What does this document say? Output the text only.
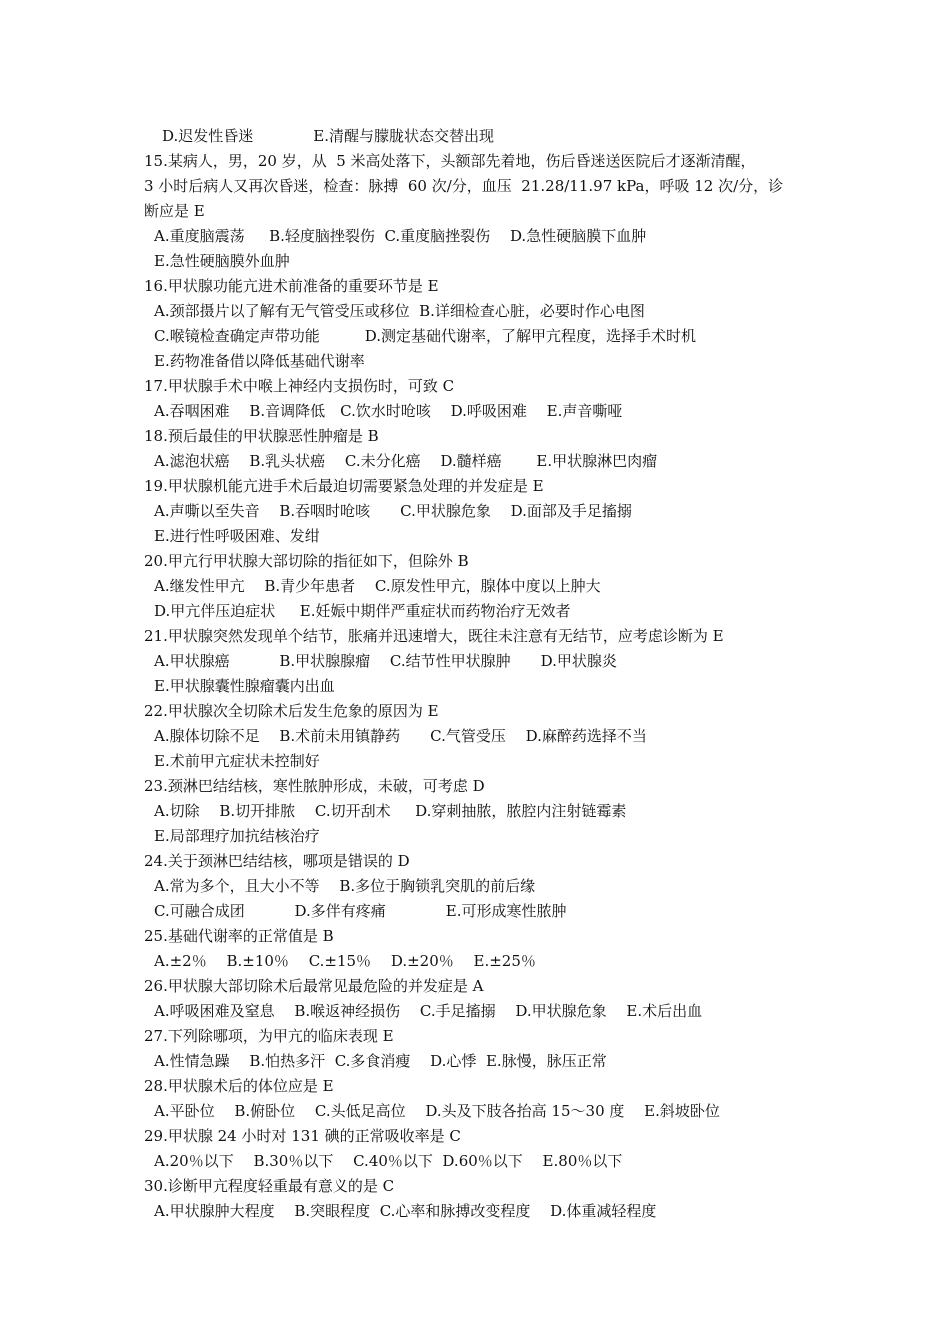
D.迟发性昏迷　　　　E.清醒与朦胧状态交替出现
15.某病人，男，20 岁，从  5 米高处落下，头额部先着地，伤后昏迷送医院后才逐渐清醒，
3 小时后病人又再次昏迷，检查：脉搏  60 次/分，血压  21.28/11.97 kPa，呼吸 12 次/分，诊
断应是 E
A.重度脑震荡　  B.轻度脑挫裂伤  C.重度脑挫裂伤　 D.急性硬脑膜下血肿
E.急性硬脑膜外血肿
16.甲状腺功能亢进术前准备的重要环节是 E
A.颈部摄片以了解有无气管受压或移位  B.详细检查心脏，必要时作心电图
C.喉镜检查确定声带功能　　　D.测定基础代谢率，了解甲亢程度，选择手术时机
E.药物准备借以降低基础代谢率
17.甲状腺手术中喉上神经内支损伤时，可致 C
A.吞咽困难　 B.音调降低　C.饮水时呛咳　 D.呼吸困难　 E.声音嘶哑
18.预后最佳的甲状腺恶性肿瘤是 B
A.滤泡状癌　 B.乳头状癌　 C.未分化癌　 D.髓样癌　　 E.甲状腺淋巴肉瘤
19.甲状腺机能亢进手术后最迫切需要紧急处理的并发症是 E
A.声嘶以至失音　 B.吞咽时呛咳　　C.甲状腺危象　 D.面部及手足搐搦
E.进行性呼吸困难、发绀
20.甲亢行甲状腺大部切除的指征如下，但除外 B
A.继发性甲亢　 B.青少年患者　 C.原发性甲亢，腺体中度以上肿大
D.甲亢伴压迫症状　  E.妊娠中期伴严重症状而药物治疗无效者
21.甲状腺突然发现单个结节，胀痛并迅速增大，既往未注意有无结节，应考虑诊断为 E
A.甲状腺癌　　　 B.甲状腺腺瘤　 C.结节性甲状腺肿　　D.甲状腺炎
E.甲状腺囊性腺瘤囊内出血
22.甲状腺次全切除术后发生危象的原因为 E
A.腺体切除不足　 B.术前未用镇静药　　C.气管受压　 D.麻醉药选择不当
E.术前甲亢症状未控制好
23.颈淋巴结结核，寒性脓肿形成，未破，可考虑 D
A.切除　 B.切开排脓　 C.切开刮术　  D.穿刺抽脓，脓腔内注射链霉素
E.局部理疗加抗结核治疗
24.关于颈淋巴结结核，哪项是错误的 D
A.常为多个，且大小不等　 B.多位于胸锁乳突肌的前后缘
C.可融合成团　　　 D.多伴有疼痛　　　　E.可形成寒性脓肿
25.基础代谢率的正常值是 B
A.±2％　 B.±10％　 C.±15％　 D.±20％　 E.±25％
26.甲状腺大部切除术后最常见最危险的并发症是 A
A.呼吸困难及窒息　 B.喉返神经损伤　 C.手足搐搦　 D.甲状腺危象　 E.术后出血
27.下列除哪项，为甲亢的临床表现 E
A.性情急躁　 B.怕热多汗  C.多食消瘦　 D.心悸  E.脉慢，脉压正常
28.甲状腺术后的体位应是 E
A.平卧位　 B.俯卧位　 C.头低足高位　 D.头及下肢各抬高 15～30 度　 E.斜坡卧位
29.甲状腺 24 小时对 131 碘的正常吸收率是 C
A.20％以下　 B.30％以下　 C.40％以下  D.60％以下　 E.80％以下
30.诊断甲亢程度轻重最有意义的是 C
A.甲状腺肿大程度　 B.突眼程度  C.心率和脉搏改变程度　 D.体重减轻程度
